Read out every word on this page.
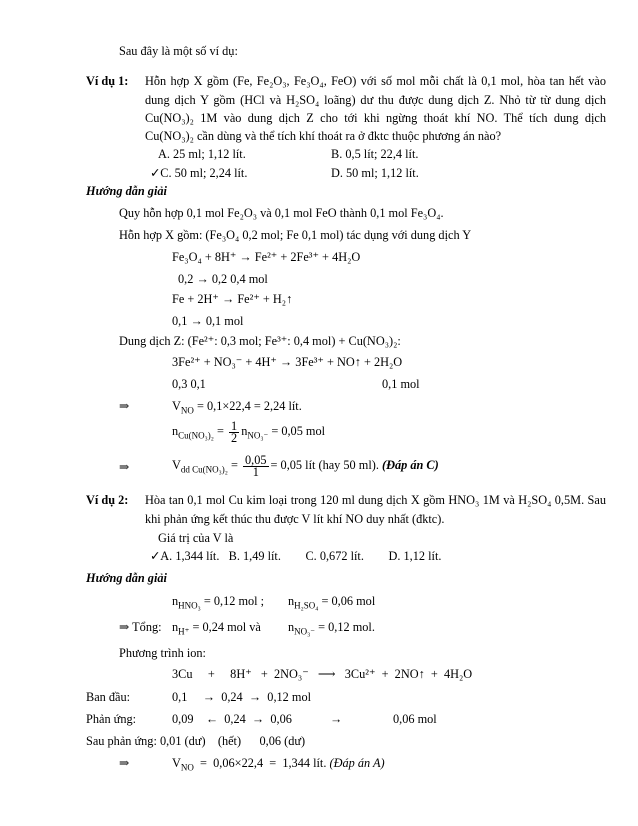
Sau đây là một số ví dụ:
Ví dụ 1: Hỗn hợp X gồm (Fe, Fe₂O₃, Fe₃O₄, FeO) với số mol mỗi chất là 0,1 mol, hòa tan hết vào
dung dịch Y gồm (HCl và H₂SO₄ loãng) dư thu được dung dịch Z. Nhỏ từ từ dung dịch
Cu(NO₃)₂ 1M vào dung dịch Z cho tới khi ngừng thoát khí NO. Thể tích dung dịch
Cu(NO₃)₂ cần dùng và thể tích khí thoát ra ở đktc thuộc phương án nào?
A. 25 ml; 1,12 lít.	B. 0,5 lít; 22,4 lít.
✓C. 50 ml; 2,24 lít.	D. 50 ml; 1,12 lít.
Hướng dẫn giải
Quy hỗn hợp 0,1 mol Fe₂O₃ và 0,1 mol FeO thành 0,1 mol Fe₃O₄.
Hỗn hợp X gồm: (Fe₃O₄ 0,2 mol; Fe 0,1 mol) tác dụng với dung dịch Y
Fe₃O₄ + 8H⁺ → Fe²⁺ + 2Fe³⁺ + 4H₂O
0,2 → 0,2 0,4 mol
Fe + 2H⁺ → Fe²⁺ + H₂↑
0,1 → 0,1 mol
Dung dịch Z: (Fe²⁺: 0,3 mol; Fe³⁺: 0,4 mol) + Cu(NO₃)₂:
3Fe²⁺ + NO₃⁻ + 4H⁺ → 3Fe³⁺ + NO↑ + 2H₂O
0,3 0,1	0,1 mol
⇒	$V_{NO} = 0,1\times 22,4 = 2,24$ lít.
$n_{Cu(NO_3)_2} = \frac{1}{2} n_{NO_3^-} = 0,05$ mol
⇒	$V_{dd Cu(NO_3)_2} = \frac{0,05}{1} = 0,05$ lít (hay 50 ml). (Đáp án C)
Ví dụ 2: Hòa tan 0,1 mol Cu kim loại trong 120 ml dung dịch X gồm HNO₃ 1M và H₂SO₄ 0,5M. Sau
khi phản ứng kết thúc thu được V lít khí NO duy nhất (đktc).
Giá trị của V là
✓A. 1,344 lít.   B. 1,49 lít.        C. 0,672 lít.        D. 1,12 lít.
Hướng dẫn giải
$n_{HNO_3} = 0,12$ mol ; $n_{H_2SO_4} = 0,06$ mol
⇒ Tổng: $n_{H^+} = 0,24$ mol và $n_{NO_3^-} = 0,12$ mol.
Phương trình ion:
3Cu     +     8H⁺   +  2NO₃⁻   ⟶   3Cu²⁺  +  2NO↑  +  4H₂O
Ban đầu:	0,1     →  0,24  →  0,12 mol
Phản ứng:	0,09    ←  0,24  →  0,06	→	0,06 mol
Sau phản ứng: 0,01 (dư)    (hết)      0,06 (dư)
⇒	$V_{NO} = 0,06\times 22,4 = 1,344$ lít. (Đáp án A)
